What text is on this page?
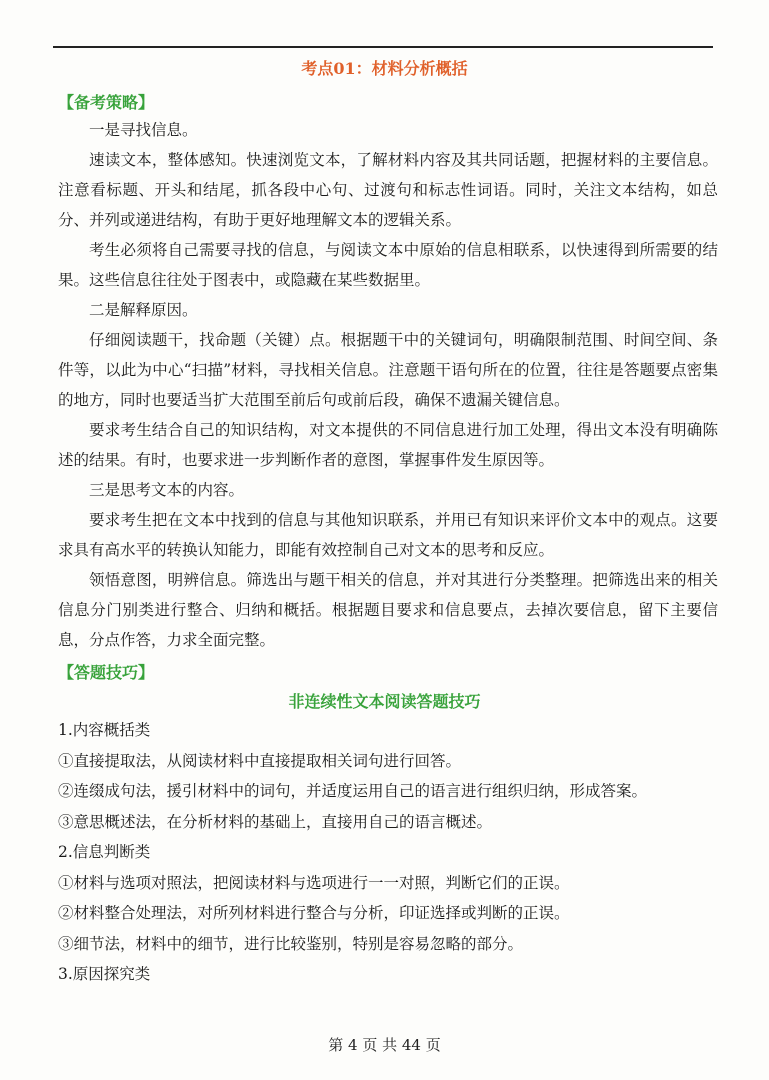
考点01：材料分析概括
【备考策略】

一是寻找信息。

速读文本，整体感知。快速浏览文本，了解材料内容及其共同话题，把握材料的主要信息。注意看标题、开头和结尾，抓各段中心句、过渡句和标志性词语。同时，关注文本结构，如总分、并列或递进结构，有助于更好地理解文本的逻辑关系。

考生必须将自己需要寻找的信息，与阅读文本中原始的信息相联系，以快速得到所需要的结果。这些信息往往处于图表中，或隐藏在某些数据里。

二是解释原因。

仔细阅读题干，找命题（关键）点。根据题干中的关键词句，明确限制范围、时间空间、条件等，以此为中心“扫描”材料，寻找相关信息。注意题干语句所在的位置，往往是答题要点密集的地方，同时也要适当扩大范围至前后句或前后段，确保不遗漏关键信息。

要求考生结合自己的知识结构，对文本提供的不同信息进行加工处理，得出文本没有明确陈述的结果。有时，也要求进一步判断作者的意图，掌握事件发生原因等。

三是思考文本的内容。

要求考生把在文本中找到的信息与其他知识联系，并用已有知识来评价文本中的观点。这要求具有高水平的转换认知能力，即能有效控制自己对文本的思考和反应。

领悟意图，明辨信息。筛选出与题干相关的信息，并对其进行分类整理。把筛选出来的相关信息分门别类进行整合、归纳和概括。根据题目要求和信息要点，去掉次要信息，留下主要信息，分点作答，力求全面完整。

【答题技巧】
非连续性文本阅读答题技巧

1.内容概括类

①直接提取法，从阅读材料中直接提取相关词句进行回答。

②连缀成句法，援引材料中的词句，并适度运用自己的语言进行组织归纳，形成答案。

③意思概述法，在分析材料的基础上，直接用自己的语言概述。

2.信息判断类

①材料与选项对照法，把阅读材料与选项进行一一对照，判断它们的正误。

②材料整合处理法，对所列材料进行整合与分析，印证选择或判断的正误。

③细节法，材料中的细节，进行比较鉴别，特别是容易忽略的部分。

3.原因探究类

第 4 页 共 44 页
